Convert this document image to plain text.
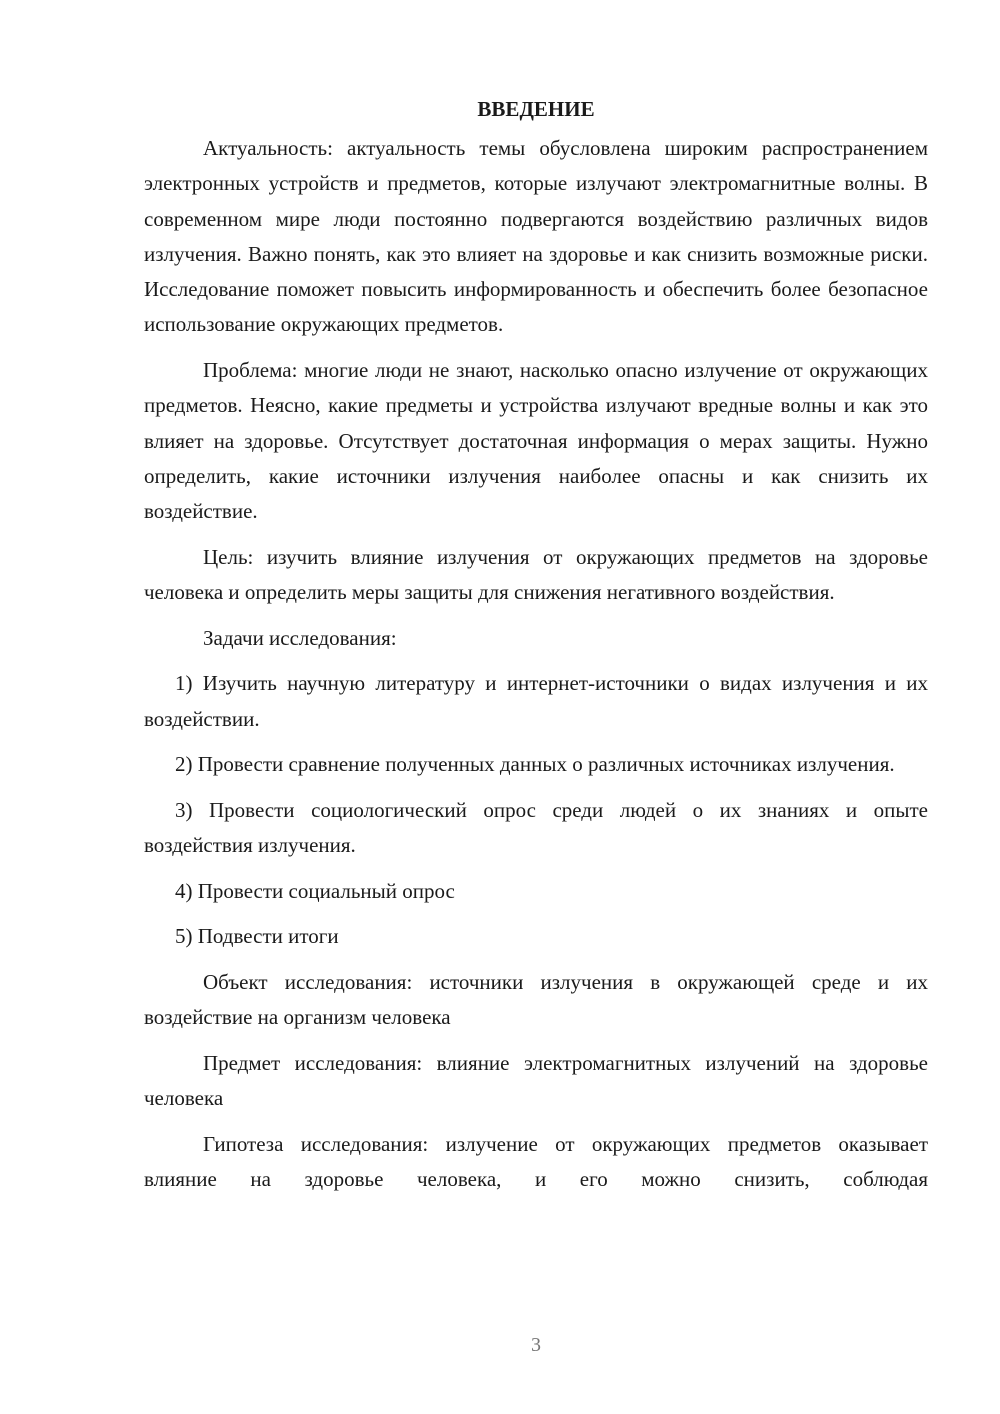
ВВЕДЕНИЕ

Актуальность: актуальность темы обусловлена широким распространением электронных устройств и предметов, которые излучают электромагнитные волны. В современном мире люди постоянно подвергаются воздействию различных видов излучения. Важно понять, как это влияет на здоровье и как снизить возможные риски. Исследование поможет повысить информированность и обеспечить более безопасное использование окружающих предметов.

Проблема: многие люди не знают, насколько опасно излучение от окружающих предметов. Неясно, какие предметы и устройства излучают вредные волны и как это влияет на здоровье. Отсутствует достаточная информация о мерах защиты. Нужно определить, какие источники излучения наиболее опасны и как снизить их воздействие.

Цель: изучить влияние излучения от окружающих предметов на здоровье человека и определить меры защиты для снижения негативного воздействия.

Задачи исследования:

1) Изучить научную литературу и интернет-источники о видах излучения и их воздействии.

2) Провести сравнение полученных данных о различных источниках излучения.

3) Провести социологический опрос среди людей о их знаниях и опыте воздействия излучения.

4) Провести социальный опрос

5) Подвести итоги

Объект исследования: источники излучения в окружающей среде и их воздействие на организм человека

Предмет исследования: влияние электромагнитных излучений на здоровье человека

Гипотеза исследования: излучение от окружающих предметов оказывает влияние на здоровье человека, и его можно снизить, соблюдая

3
